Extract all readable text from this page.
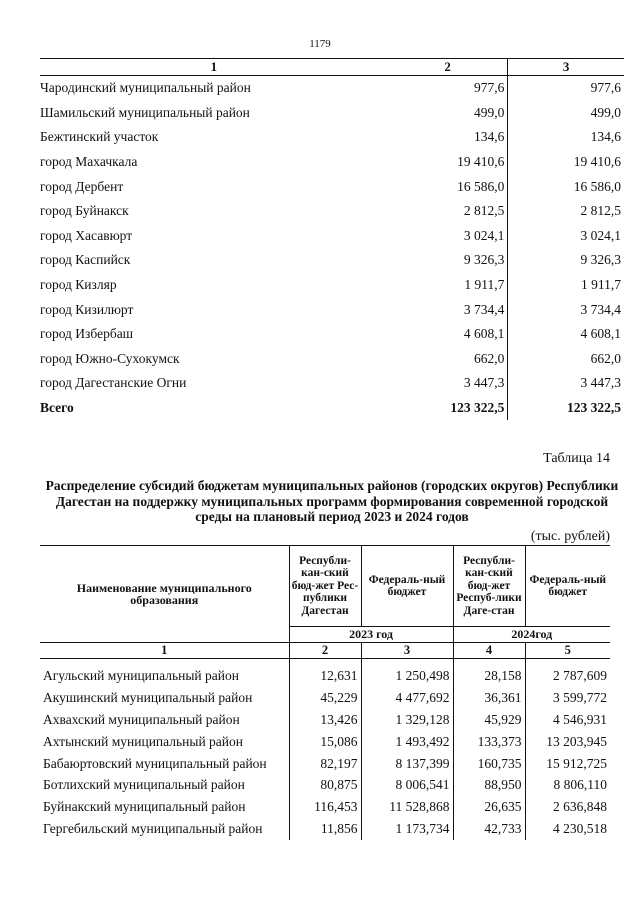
1179
1	2	3
Чародинский муниципальный район	977,6	977,6
Шамильский муниципальный район	499,0	499,0
Бежтинский участок	134,6	134,6
город Махачкала	19 410,6	19 410,6
город Дербент	16 586,0	16 586,0
город Буйнакск	2 812,5	2 812,5
город Хасавюрт	3 024,1	3 024,1
город Каспийск	9 326,3	9 326,3
город Кизляр	1 911,7	1 911,7
город Кизилюрт	3 734,4	3 734,4
город Избербаш	4 608,1	4 608,1
город Южно-Сухокумск	662,0	662,0
город Дагестанские Огни	3 447,3	3 447,3
Всего	123 322,5	123 322,5
Таблица 14
Распределение субсидий бюджетам муниципальных районов (городских округов) Республики Дагестан на поддержку муниципальных программ формирования современной городской среды на плановый период 2023 и 2024 годов
(тыс. рублей)
Наименование муниципального образования	Республи-кан-ский бюд-жет Рес-публики Дагестан	Федераль-ный бюджет	Республи-кан-ский бюд-жет Респуб-лики Даге-стан	Федераль-ный бюджет
	2023 год		2024год	
1	2	3	4	5

Агульский муниципальный район	12,631	1 250,498	28,158	2 787,609
Акушинский муниципальный район	45,229	4 477,692	36,361	3 599,772
Ахвахский муниципальный район	13,426	1 329,128	45,929	4 546,931
Ахтынский муниципальный район	15,086	1 493,492	133,373	13 203,945
Бабаюртовский муниципальный район	82,197	8 137,399	160,735	15 912,725
Ботлихский муниципальный район	80,875	8 006,541	88,950	8 806,110
Буйнакский муниципальный район	116,453	11 528,868	26,635	2 636,848
Гергебильский муниципальный район	11,856	1 173,734	42,733	4 230,518
